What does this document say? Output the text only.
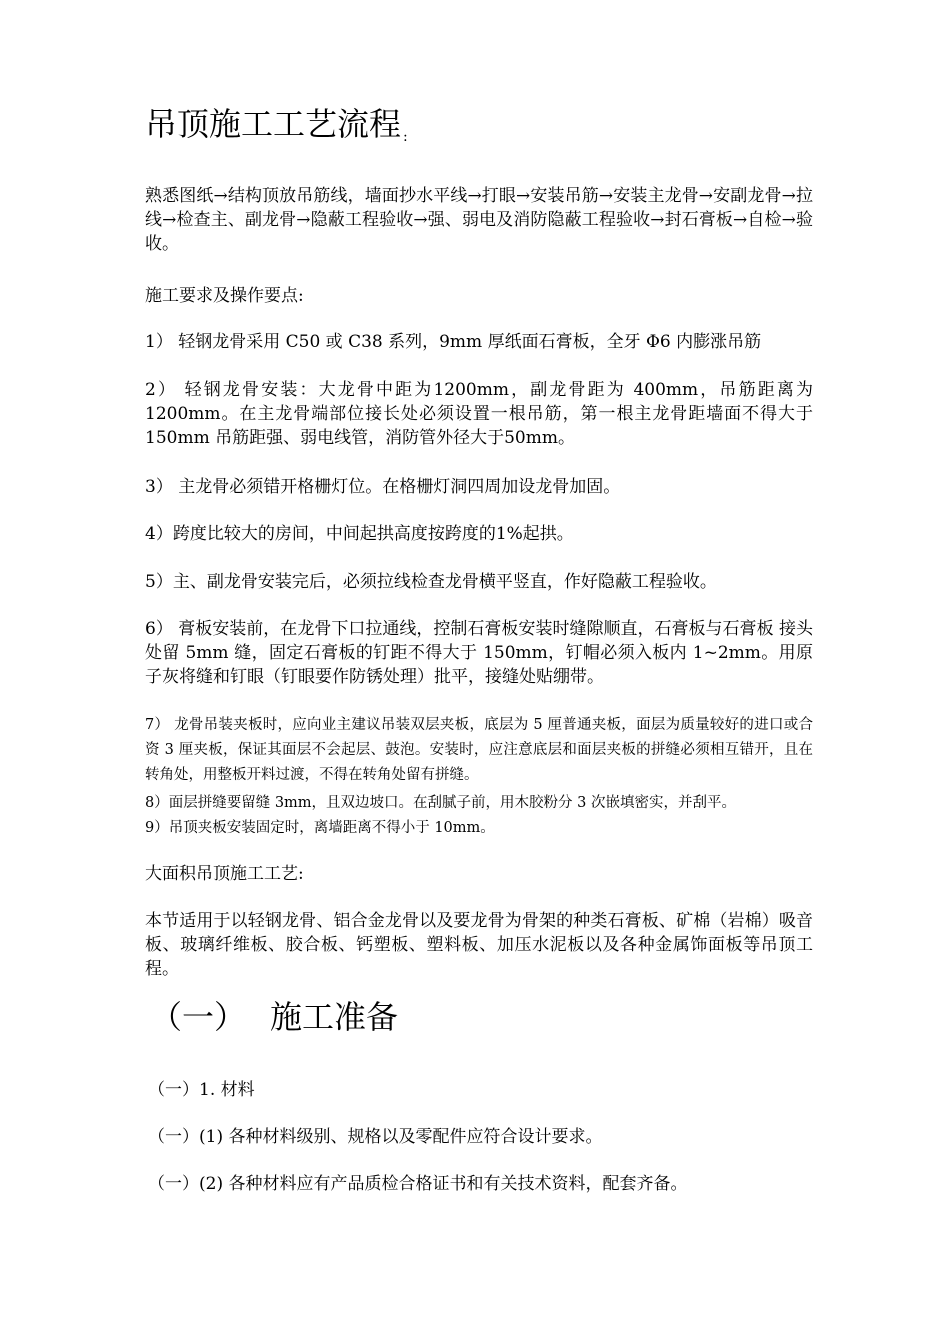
吊顶施工工艺流程 :
熟悉图纸→结构顶放吊筋线，墙面抄水平线→打眼→安装吊筋→安装主龙骨→安副龙骨→拉线→检查主、副龙骨→隐蔽工程验收→强、弱电及消防隐蔽工程验收→封石膏板→自检→验收。
施工要求及操作要点:
1） 轻钢龙骨采用 C50 或 C38 系列，9mm 厚纸面石膏板，全牙 Φ6 内膨涨吊筋
2） 轻钢龙骨安装：大龙骨中距为1200mm，副龙骨距为 400mm，吊筋距离为 1200mm。在主龙骨端部位接长处必须设置一根吊筋，第一根主龙骨距墙面不得大于 150mm 吊筋距强、弱电线管，消防管外径大于50mm。
3） 主龙骨必须错开格栅灯位。在格栅灯洞四周加设龙骨加固。
4）跨度比较大的房间，中间起拱高度按跨度的1%起拱。
5）主、副龙骨安装完后，必须拉线检查龙骨横平竖直，作好隐蔽工程验收。
6） 膏板安装前，在龙骨下口拉通线，控制石膏板安装时缝隙顺直，石膏板与石膏板 接头处留 5mm 缝，固定石膏板的钉距不得大于 150mm，钉帽必须入板内 1~2mm。用原子灰将缝和钉眼（钉眼要作防锈处理）批平，接缝处贴绷带。
7） 龙骨吊装夹板时，应向业主建议吊装双层夹板，底层为 5 厘普通夹板，面层为质量较好的进口或合资 3 厘夹板，保证其面层不会起层、鼓泡。安装时，应注意底层和面层夹板的拼缝必须相互错开，且在转角处，用整板开料过渡，不得在转角处留有拼缝。
8）面层拼缝要留缝 3mm，且双边坡口。在刮腻子前，用木胶粉分 3 次嵌填密实，并刮平。
9）吊顶夹板安装固定时，离墙距离不得小于 10mm。
大面积吊顶施工工艺:
本节适用于以轻钢龙骨、铝合金龙骨以及要龙骨为骨架的种类石膏板、矿棉（岩棉）吸音板、玻璃纤维板、胶合板、钙塑板、塑料板、加压水泥板以及各种金属饰面板等吊顶工程。
（一） 施工准备
（一）1. 材料
（一）(1) 各种材料级别、规格以及零配件应符合设计要求。
（一）(2) 各种材料应有产品质检合格证书和有关技术资料，配套齐备。
